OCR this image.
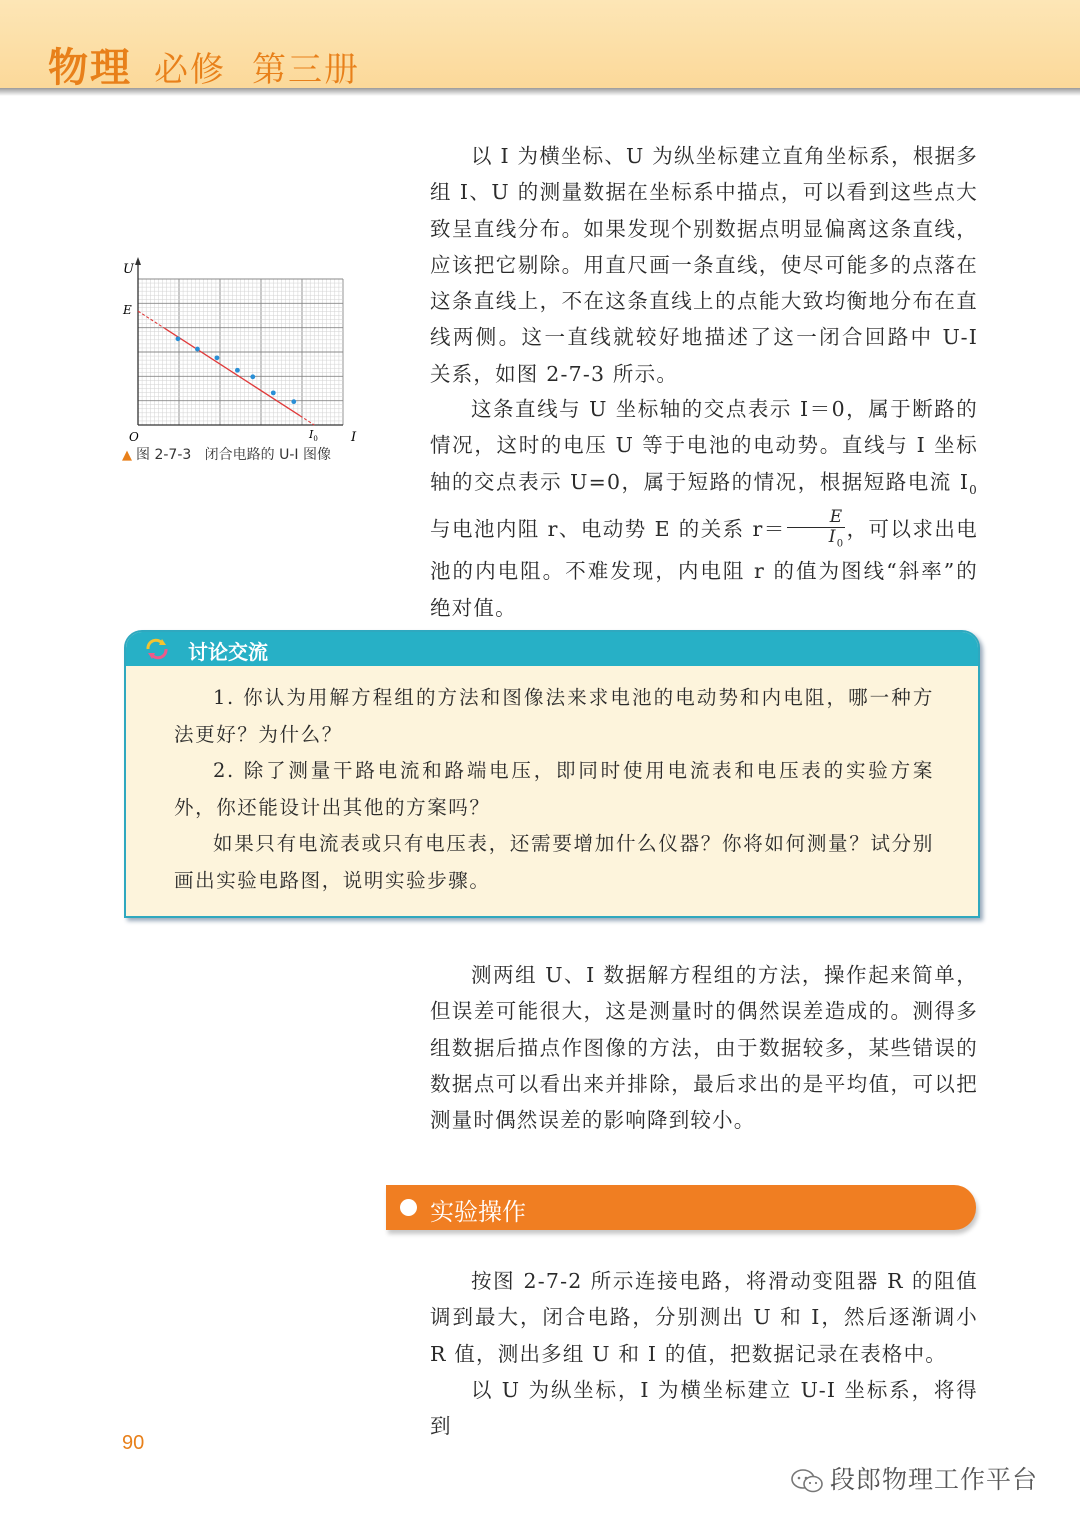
物理 必修 第三册

以 I 为横坐标、U 为纵坐标建立直角坐标系，根据多组 I、U 的测量数据在坐标系中描点，可以看到这些点大致呈直线分布。如果发现个别数据点明显偏离这条直线，应该把它剔除。用直尺画一条直线，使尽可能多的点落在这条直线上，不在这条直线上的点能大致均衡地分布在直线两侧。这一直线就较好地描述了这一闭合回路中 U-I 关系，如图 2-7-3 所示。

这条直线与 U 坐标轴的交点表示 I＝0，属于断路的情况，这时的电压 U 等于电池的电动势。直线与 I 坐标轴的交点表示 U=0，属于短路的情况，根据短路电流 $I_0$ 与电池内阻 r、电动势 E 的关系 $r= \frac{E}{I_0}$ ，可以求出电池的内电阻。不难发现，内电阻 r 的值为图线“斜率”的绝对值。

U
I
O
E
$I_0$
▲ 图 2-7-3 闭合电路的 U-I 图像
讨论交流

1. 你认为用解方程组的方法和图像法来求电池的电动势和内电阻，哪一种方法更好？为什么？

2. 除了测量干路电流和路端电压，即同时使用电流表和电压表的实验方案外，你还能设计出其他的方案吗？

如果只有电流表或只有电压表，还需要增加什么仪器？你将如何测量？试分别画出实验电路图，说明实验步骤。

测两组 U、I 数据解方程组的方法，操作起来简单，但误差可能很大，这是测量时的偶然误差造成的。测得多组数据后描点作图像的方法，由于数据较多，某些错误的数据点可以看出来并排除，最后求出的是平均值，可以把测量时偶然误差的影响降到较小。

实验操作

按图 2-7-2 所示连接电路，将滑动变阻器 R 的阻值调到最大，闭合电路，分别测出 U 和 I，然后逐渐调小 R 值，测出多组 U 和 I 的值，把数据记录在表格中。

以 U 为纵坐标，I 为横坐标建立 U-I 坐标系，将得到

90
段郎物理工作平台
